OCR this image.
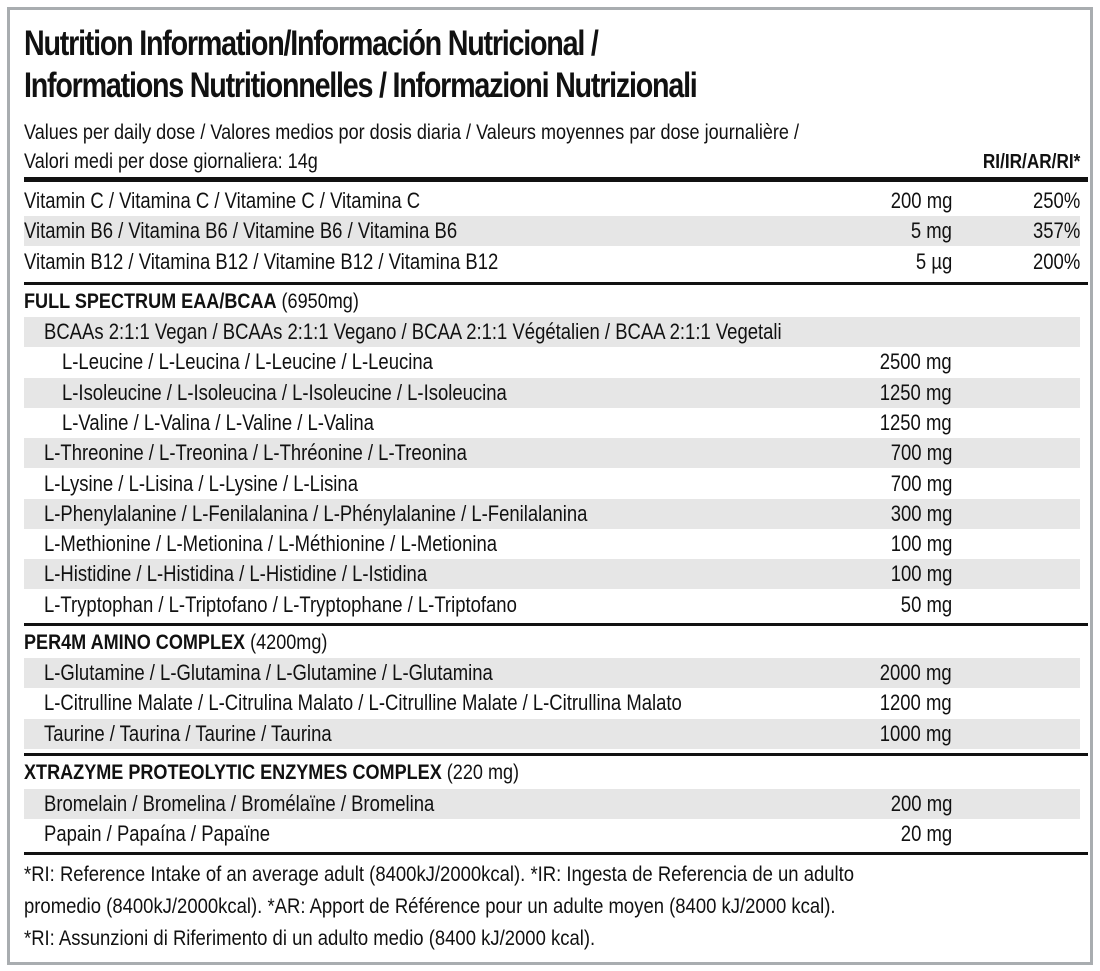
Nutrition Information/Información Nutricional /
Informations Nutritionnelles / Informazioni Nutrizionali
Values per daily dose / Valores medios por dosis diaria / Valeurs moyennes par dose journalière /
Valori medi per dose giornaliera: 14g	RI/IR/AR/RI*
Vitamin C / Vitamina C / Vitamine C / Vitamina C	200 mg	250%
Vitamin B6 / Vitamina B6 / Vitamine B6 / Vitamina B6	5 mg	357%
Vitamin B12 / Vitamina B12 / Vitamine B12 / Vitamina B12	5 µg	200%
FULL SPECTRUM EAA/BCAA (6950mg)
BCAAs 2:1:1 Vegan / BCAAs 2:1:1 Vegano / BCAA 2:1:1 Végétalien / BCAA 2:1:1 Vegetali
L-Leucine / L-Leucina / L-Leucine / L-Leucina	2500 mg
L-Isoleucine / L-Isoleucina / L-Isoleucine / L-Isoleucina	1250 mg
L-Valine / L-Valina / L-Valine / L-Valina	1250 mg
L-Threonine / L-Treonina / L-Thréonine / L-Treonina	700 mg
L-Lysine / L-Lisina / L-Lysine / L-Lisina	700 mg
L-Phenylalanine / L-Fenilalanina / L-Phénylalanine / L-Fenilalanina	300 mg
L-Methionine / L-Metionina / L-Méthionine / L-Metionina	100 mg
L-Histidine / L-Histidina / L-Histidine / L-Istidina	100 mg
L-Tryptophan / L-Triptofano / L-Tryptophane / L-Triptofano	50 mg
PER4M AMINO COMPLEX (4200mg)
L-Glutamine / L-Glutamina / L-Glutamine / L-Glutamina	2000 mg
L-Citrulline Malate / L-Citrulina Malato / L-Citrulline Malate / L-Citrullina Malato	1200 mg
Taurine / Taurina / Taurine / Taurina	1000 mg
XTRAZYME PROTEOLYTIC ENZYMES COMPLEX (220 mg)
Bromelain / Bromelina / Bromélaïne / Bromelina	200 mg
Papain / Papaína / Papaïne	20 mg
*RI: Reference Intake of an average adult (8400kJ/2000kcal). *IR: Ingesta de Referencia de un adulto
promedio (8400kJ/2000kcal). *AR: Apport de Référence pour un adulte moyen (8400 kJ/2000 kcal).
*RI: Assunzioni di Riferimento di un adulto medio (8400 kJ/2000 kcal).
